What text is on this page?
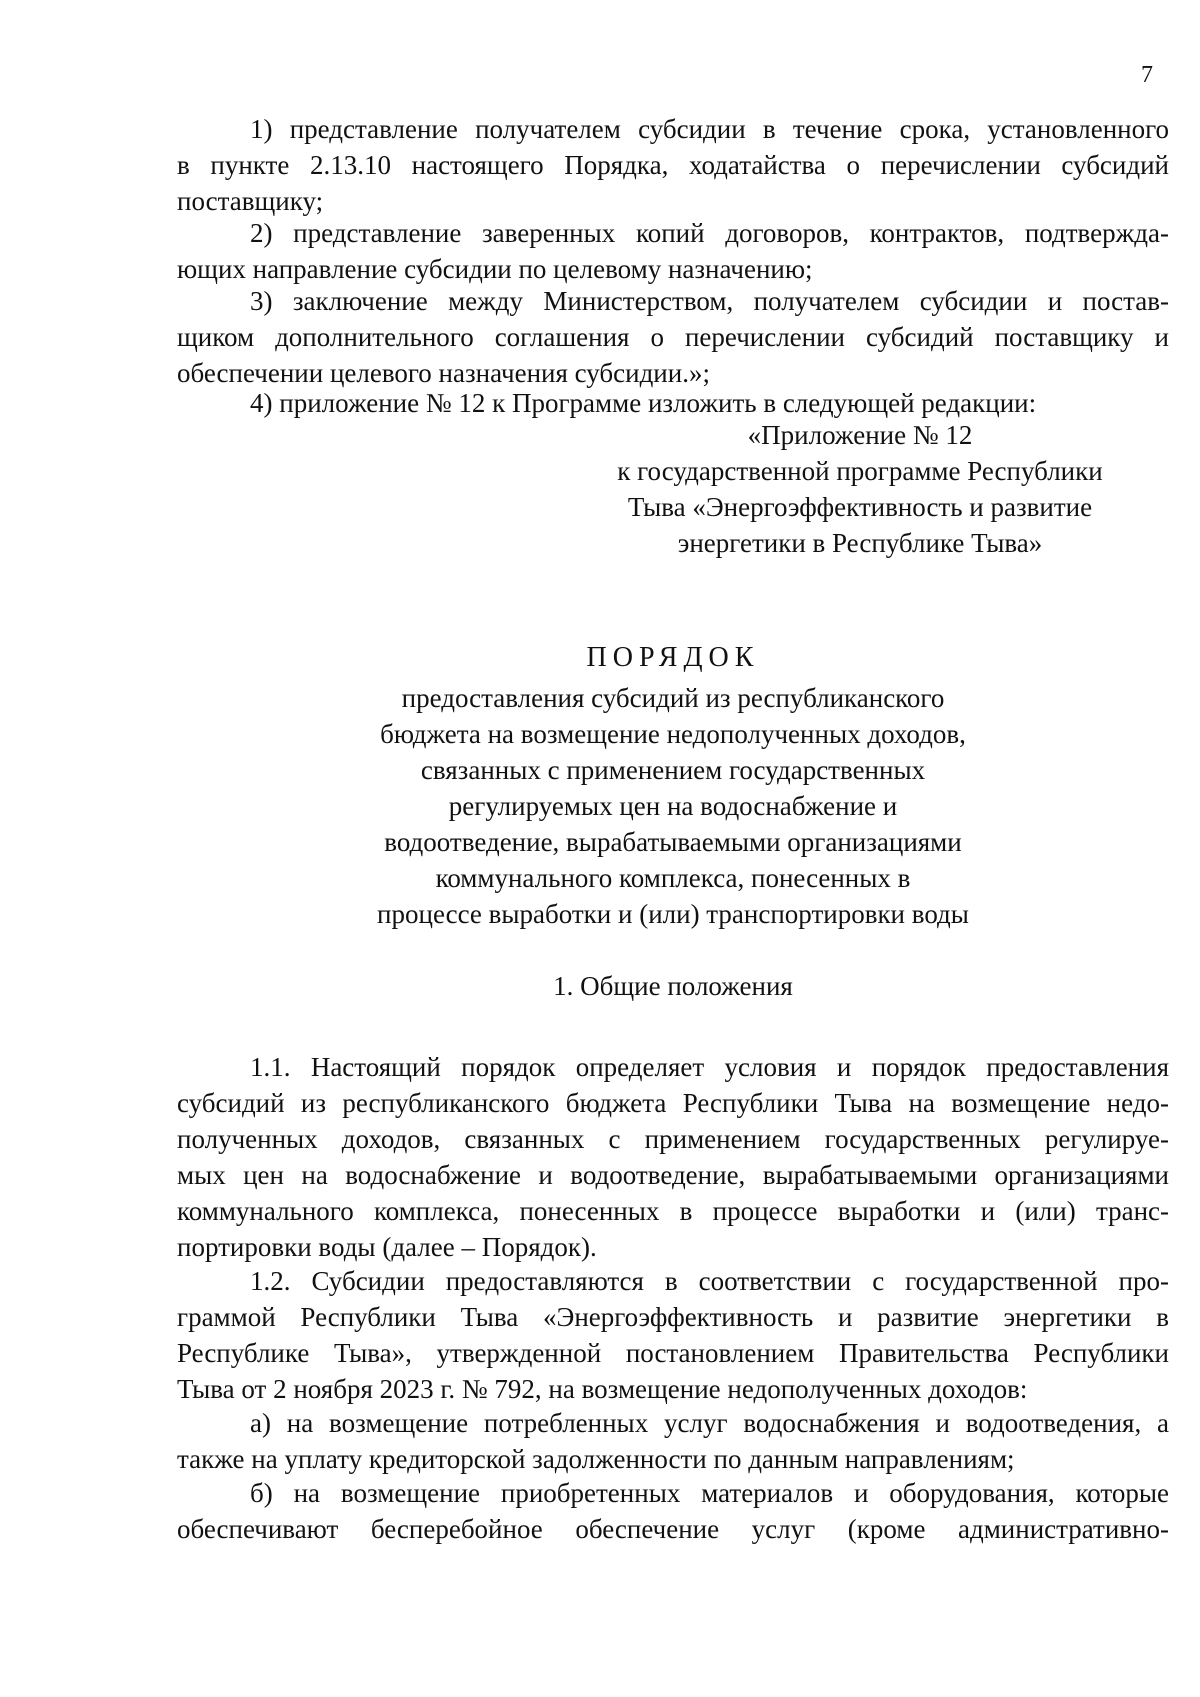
7
1) представление получателем субсидии в течение срока, установленного
в пункте 2.13.10 настоящего Порядка, ходатайства о перечислении субсидий
поставщику;
2) представление заверенных копий договоров, контрактов, подтвержда-
ющих направление субсидии по целевому назначению;
3) заключение между Министерством, получателем субсидии и постав-
щиком дополнительного соглашения о перечислении субсидий поставщику и
обеспечении целевого назначения субсидии.»;
4) приложение № 12 к Программе изложить в следующей редакции:
«Приложение № 12
к государственной программе Республики
Тыва «Энергоэффективность и развитие
энергетики в Республике Тыва»
ПОРЯДОК
предоставления субсидий из республиканского
бюджета на возмещение недополученных доходов,
связанных с применением государственных
регулируемых цен на водоснабжение и
водоотведение, вырабатываемыми организациями
коммунального комплекса, понесенных в
процессе выработки и (или) транспортировки воды
1. Общие положения
1.1. Настоящий порядок определяет условия и порядок предоставления
субсидий из республиканского бюджета Республики Тыва на возмещение недо-
полученных доходов, связанных с применением государственных регулируе-
мых цен на водоснабжение и водоотведение, вырабатываемыми организациями
коммунального комплекса, понесенных в процессе выработки и (или) транс-
портировки воды (далее – Порядок).
1.2. Субсидии предоставляются в соответствии с государственной про-
граммой Республики Тыва «Энергоэффективность и развитие энергетики в
Республике Тыва», утвержденной постановлением Правительства Республики
Тыва от 2 ноября 2023 г. № 792, на возмещение недополученных доходов:
а) на возмещение потребленных услуг водоснабжения и водоотведения, а
также на уплату кредиторской задолженности по данным направлениям;
б) на возмещение приобретенных материалов и оборудования, которые
обеспечивают бесперебойное обеспечение услуг (кроме административно-
